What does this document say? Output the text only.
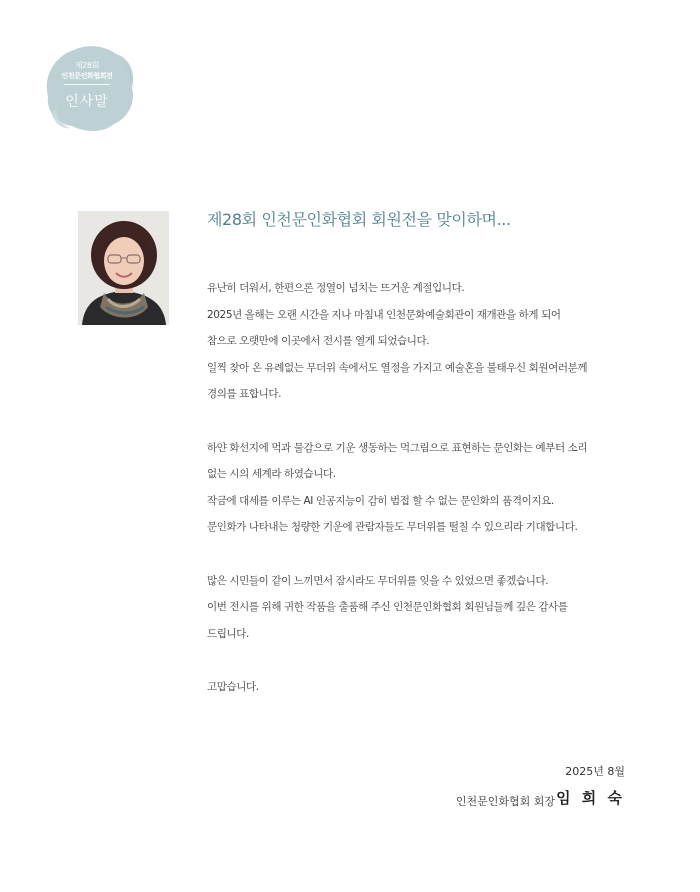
제28회
인천문인화협회전
인사말
제28회 인천문인화협회 회원전을 맞이하며...
유난히 더워서, 한편으론 정열이 넘치는 뜨거운 계절입니다.
2025년 올해는 오랜 시간을 지나 마침내 인천문화예술회관이 재개관을 하게 되어
참으로 오랫만에 이곳에서 전시를 열게 되었습니다.
일찍 찾아 온 유례없는 무더위 속에서도 열정을 가지고 예술혼을 불태우신 회원여러분께
경의를 표합니다.
하얀 화선지에 먹과 물감으로 기운 생동하는 먹그림으로 표현하는 문인화는 예부터 소리
없는 시의 세계라 하였습니다.
작금에 대세를 이루는 AI 인공지능이 감히 범접 할 수 없는 문인화의 품격이지요.
문인화가 나타내는 청량한 기운에 관람자들도 무더위를 떨칠 수 있으리라 기대합니다.
많은 시민들이 같이 느끼면서 잠시라도 무더위를 잊을 수 있었으면 좋겠습니다.
이번 전시를 위해 귀한 작품을 출품해 주신 인천문인화협회 회원님들께 깊은 감사를
드립니다.
고맙습니다.
2025년 8월
인천문인화협회 회장 임 희 숙
